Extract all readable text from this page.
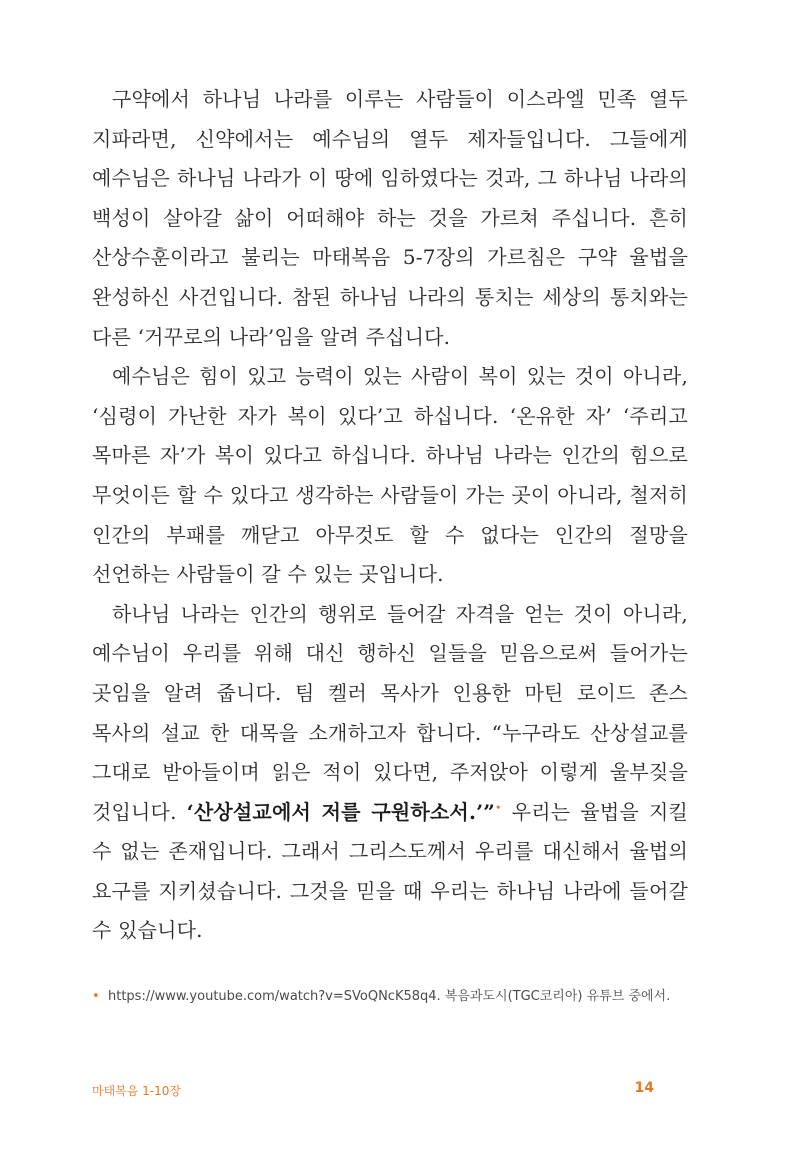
구약에서 하나님 나라를 이루는 사람들이 이스라엘 민족 열두 지파라면, 신약에서는 예수님의 열두 제자들입니다. 그들에게 예수님은 하나님 나라가 이 땅에 임하였다는 것과, 그 하나님 나라의 백성이 살아갈 삶이 어떠해야 하는 것을 가르쳐 주십니다. 흔히 산상수훈이라고 불리는 마태복음 5-7장의 가르침은 구약 율법을 완성하신 사건입니다. 참된 하나님 나라의 통치는 세상의 통치와는 다른 ‘거꾸로의 나라’임을 알려 주십니다.

예수님은 힘이 있고 능력이 있는 사람이 복이 있는 것이 아니라, ‘심령이 가난한 자가 복이 있다’고 하십니다. ‘온유한 자’ ‘주리고 목마른 자’가 복이 있다고 하십니다. 하나님 나라는 인간의 힘으로 무엇이든 할 수 있다고 생각하는 사람들이 가는 곳이 아니라, 철저히 인간의 부패를 깨닫고 아무것도 할 수 없다는 인간의 절망을 선언하는 사람들이 갈 수 있는 곳입니다.

하나님 나라는 인간의 행위로 들어갈 자격을 얻는 것이 아니라, 예수님이 우리를 위해 대신 행하신 일들을 믿음으로써 들어가는 곳임을 알려 줍니다. 팀 켈러 목사가 인용한 마틴 로이드 존스 목사의 설교 한 대목을 소개하고자 합니다. “누구라도 산상설교를 그대로 받아들이며 읽은 적이 있다면, 주저앉아 이렇게 울부짖을 것입니다. ‘산상설교에서 저를 구원하소서.’”• 우리는 율법을 지킬 수 없는 존재입니다. 그래서 그리스도께서 우리를 대신해서 율법의 요구를 지키셨습니다. 그것을 믿을 때 우리는 하나님 나라에 들어갈 수 있습니다.

• https://www.youtube.com/watch?v=SVoQNcK58q4. 복음과도시(TGC코리아) 유튜브 중에서.
마태복음 1-10장	14
